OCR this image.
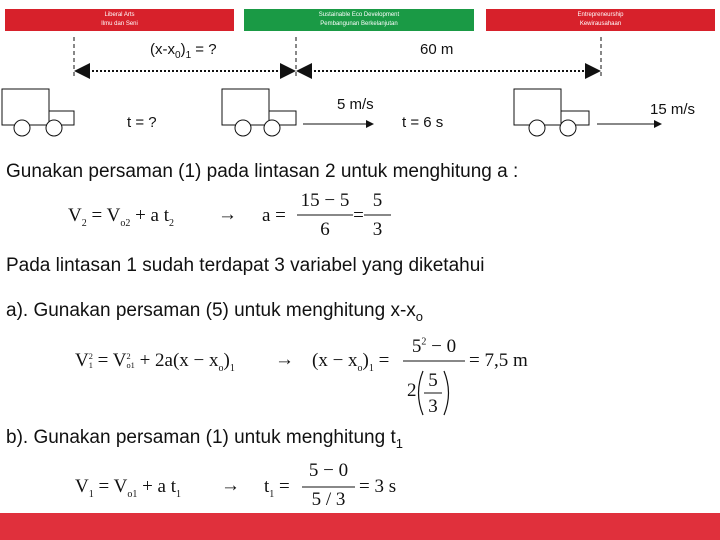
Liberal Arts
Ilmu dan Seni
Sustainable Eco Development
Pembangunan Berkelanjutan
Entrepreneurship
Kewirausahaan
$(x-x_0)_1$ = ?	60 m
t = ?
5 m/s
t = 6 s
15 m/s
Gunakan persaman (1) pada lintasan 2 untuk menghitung a :
Pada lintasan 1 sudah terdapat 3 variabel yang diketahui
a). Gunakan persaman (5) untuk menghitung $x-x_o$
b). Gunakan persaman (1) untuk menghitung $t_1$
$V_2 = V_{o2} + a$ $t_2 \to a$ =
15 − 5
6
=
5
3
V 2
1 = V 2
$o1 + 2a(x - x_o)_1 \to (x - x_o)_1$ =
$5^2 - 0$
2 5
3
= 7,5 m
$V_1 = V_{o1} + a$ $t_1 \to t_1$ =
5 − 0
5 / 3
= 3 s
